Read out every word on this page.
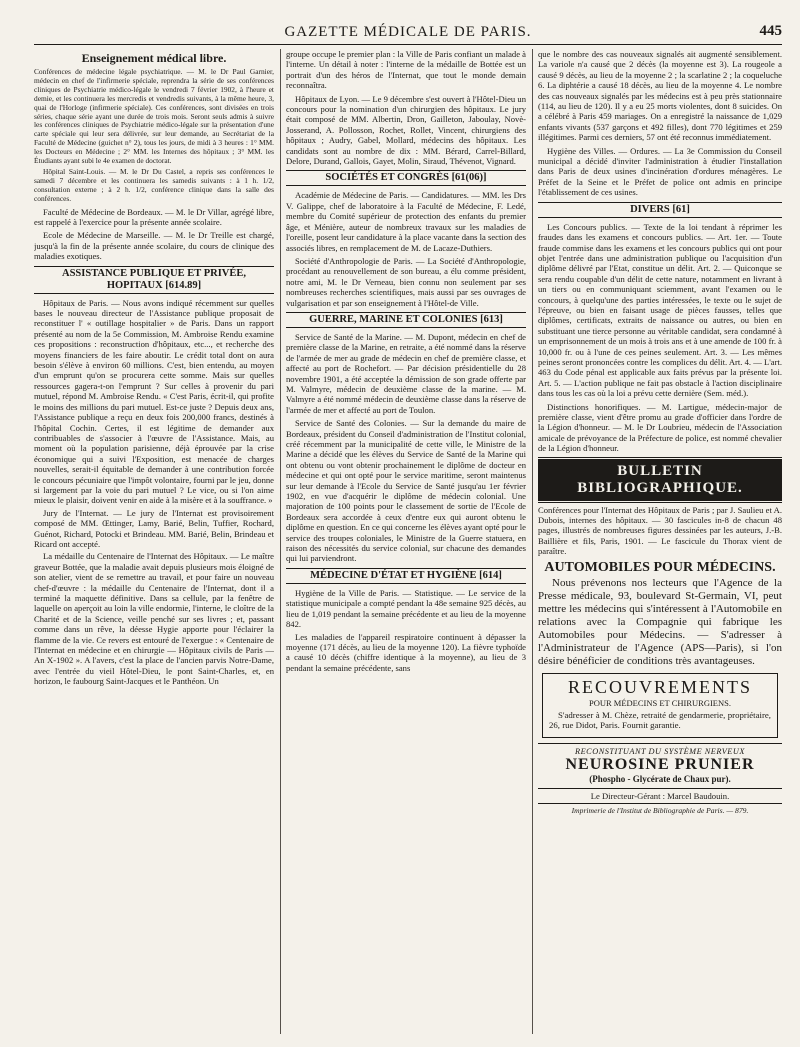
GAZETTE MÉDICALE DE PARIS.	445
Enseignement médical libre.

Conférences de médecine légale psychiatrique. — M. le Dr Paul Garnier, médecin en chef de l'infirmerie spéciale, reprendra la série de ses conférences cliniques de Psychiatrie médico-légale le vendredi 7 février 1902, à l'heure et demie, et les continuera les mercredis et vendredis suivants, à la même heure, 3, quai de l'Horloge (infirmerie spéciale). Ces conférences, sont divisées en trois séries, chaque série ayant une durée de trois mois. Seront seuls admis à suivre les conférences cliniques de Psychiatrie médico-légale sur la présentation d'une carte spéciale qui leur sera délivrée, sur leur demande, au Secrétariat de la Faculté de Médecine (guichet n° 2), tous les jours, de midi à 3 heures : 1° MM. les Docteurs en Médecine ; 2° MM. les Internes des hôpitaux ; 3° MM. les Étudiants ayant subi le 4e examen de doctorat.

Hôpital Saint-Louis. — M. le Dr Du Castel, a repris ses conférences le samedi 7 décembre et les continuera les samedis suivants : à 1 h. 1/2, consultation externe ; à 2 h. 1/2, conférence clinique dans la salle des conférences.

Faculté de Médecine de Bordeaux. — M. le Dr Villar, agrégé libre, est rappelé à l'exercice pour la présente année scolaire.

Ecole de Médecine de Marseille. — M. le Dr Treille est chargé, jusqu'à la fin de la présente année scolaire, du cours de clinique des maladies exotiques.

ASSISTANCE PUBLIQUE ET PRIVÉE,
HOPITAUX [614.89]

Hôpitaux de Paris. — Nous avons indiqué récemment sur quelles bases le nouveau directeur de l'Assistance publique proposait de reconstituer l' « outillage hospitalier » de Paris. Dans un rapport présenté au nom de la 5e Commission, M. Ambroise Rendu examine ces propositions : reconstruction d'hôpitaux, etc..., et recherche des moyens financiers de les faire aboutir. Le crédit total dont on aura besoin s'élève à environ 60 millions. C'est, bien entendu, au moyen d'un emprunt qu'on se procurera cette somme. Mais sur quelles ressources gagera-t-on l'emprunt ? Sur celles à provenir du pari mutuel, répond M. Ambroise Rendu. « C'est Paris, écrit-il, qui profite le moins des millions du pari mutuel. Est-ce juste ? Depuis deux ans, l'Assistance publique a reçu en deux fois 200,000 francs, destinés à l'hôpital Cochin. Certes, il est légitime de demander aux contribuables de s'associer à l'œuvre de l'Assistance. Mais, au moment où la population parisienne, déjà éprouvée par la crise économique qui a suivi l'Exposition, est menacée de charges nouvelles, serait-il équitable de demander à une contribution forcée le concours pécuniaire que l'impôt volontaire, fourni par le jeu, donne si largement par la voie du pari mutuel ? Le vice, ou si l'on aime mieux le plaisir, doivent venir en aide à la misère et à la souffrance. »

Jury de l'Internat. — Le jury de l'Internat est provisoirement composé de MM. Œttinger, Lamy, Barié, Belin, Tuffier, Rochard, Guénot, Richard, Potocki et Brindeau. MM. Barié, Belin, Brindeau et Ricard ont accepté.

La médaille du Centenaire de l'Internat des Hôpitaux. — Le maître graveur Bottée, que la maladie avait depuis plusieurs mois éloigné de son atelier, vient de se remettre au travail, et pour faire un nouveau chef-d'œuvre : la médaille du Centenaire de l'Internat, dont il a terminé la maquette définitive. Dans sa cellule, par la fenêtre de laquelle on aperçoit au loin la ville endormie, l'interne, le cloître de la Charité et de la Science, veille penché sur ses livres ; et, passant comme dans un rêve, la déesse Hygie apporte pour l'éclairer la flamme de la vie. Ce revers est entouré de l'exergue : « Centenaire de l'Internat en médecine et en chirurgie — Hôpitaux civils de Paris — An X-1902 ». A l'avers, c'est la place de l'ancien parvis Notre-Dame, avec l'entrée du vieil Hôtel-Dieu, le pont Saint-Charles, et, en horizon, le faubourg Saint-Jacques et le Panthéon. Un

groupe occupe le premier plan : la Ville de Paris confiant un malade à l'interne. Un détail à noter : l'interne de la médaille de Bottée est un portrait d'un des héros de l'Internat, que tout le monde demain reconnaîtra.

Hôpitaux de Lyon. — Le 9 décembre s'est ouvert à l'Hôtel-Dieu un concours pour la nomination d'un chirurgien des hôpitaux. Le jury était composé de MM. Albertin, Dron, Gailleton, Jaboulay, Novè-Josserand, A. Pollosson, Rochet, Rollet, Vincent, chirurgiens des hôpitaux ; Audry, Gabel, Mollard, médecins des hôpitaux. Les candidats sont au nombre de dix : MM. Bérard, Carrel-Billard, Delore, Durand, Gallois, Gayet, Molin, Siraud, Thévenot, Vignard.

SOCIÉTÉS ET CONGRÈS [61(06)]

Académie de Médecine de Paris. — Candidatures. — MM. les Drs V. Galippe, chef de laboratoire à la Faculté de Médecine, F. Ledé, membre du Comité supérieur de protection des enfants du premier âge, et Ménière, auteur de nombreux travaux sur les maladies de l'oreille, posent leur candidature à la place vacante dans la section des associés libres, en remplacement de M. de Lacaze-Duthiers.

Société d'Anthropologie de Paris. — La Société d'Anthropologie, procédant au renouvellement de son bureau, a élu comme président, notre ami, M. le Dr Verneau, bien connu non seulement par ses nombreuses recherches scientifiques, mais aussi par ses ouvrages de vulgarisation et par son enseignement à l'Hôtel-de Ville.

GUERRE, MARINE ET COLONIES [613]

Service de Santé de la Marine. — M. Dupont, médecin en chef de première classe de la Marine, en retraite, a été nommé dans la réserve de l'armée de mer au grade de médecin en chef de première classe, et affecté au port de Rochefort. — Par décision présidentielle du 28 novembre 1901, a été acceptée la démission de son grade offerte par M. Valmyre, médecin de deuxième classe de la marine. — M. Valmyre a été nommé médecin de deuxième classe dans la réserve de l'armée de mer et affecté au port de Toulon.

Service de Santé des Colonies. — Sur la demande du maire de Bordeaux, président du Conseil d'administration de l'Institut colonial, créé récemment par la municipalité de cette ville, le Ministre de la Marine a décidé que les élèves du Service de Santé de la Marine qui ont obtenu ou vont obtenir prochainement le diplôme de docteur en médecine et qui ont opté pour le service maritime, seront maintenus sur leur demande à l'Ecole du Service de Santé jusqu'au 1er février 1902, en vue d'acquérir le diplôme de médecin colonial. Une majoration de 100 points pour le classement de sortie de l'Ecole de Bordeaux sera accordée à ceux d'entre eux qui auront obtenu le diplôme en question. En ce qui concerne les élèves ayant opté pour le service des troupes coloniales, le Ministre de la Guerre statuera, en raison des nécessités du service colonial, sur chacune des demandes qui lui parviendront.

MÉDECINE D'ÉTAT ET HYGIÈNE [614]

Hygiène de la Ville de Paris. — Statistique. — Le service de la statistique municipale a compté pendant la 48e semaine 925 décès, au lieu de 1,019 pendant la semaine précédente et au lieu de la moyenne 842.

Les maladies de l'appareil respiratoire continuent à dépasser la moyenne (171 décès, au lieu de la moyenne 120). La fièvre typhoïde a causé 10 décès (chiffre identique à la moyenne), au lieu de 3 pendant la semaine précédente, sans

que le nombre des cas nouveaux signalés ait augmenté sensiblement. La variole n'a causé que 2 décès (la moyenne est 3). La rougeole a causé 9 décès, au lieu de la moyenne 2 ; la scarlatine 2 ; la coqueluche 6. La diphtérie a causé 18 décès, au lieu de la moyenne 4. Le nombre des cas nouveaux signalés par les médecins est à peu près stationnaire (114, au lieu de 120). Il y a eu 25 morts violentes, dont 8 suicides. On a célébré à Paris 459 mariages. On a enregistré la naissance de 1,029 enfants vivants (537 garçons et 492 filles), dont 770 légitimes et 259 illégitimes. Parmi ces derniers, 57 ont été reconnus immédiatement.

Hygiène des Villes. — Ordures. — La 3e Commission du Conseil municipal a décidé d'inviter l'administration à étudier l'installation dans Paris de deux usines d'incinération d'ordures ménagères. Le Préfet de la Seine et le Préfet de police ont admis en principe l'établissement de ces usines.

DIVERS [61]

Les Concours publics. — Texte de la loi tendant à réprimer les fraudes dans les examens et concours publics. — Art. 1er. — Toute fraude commise dans les examens et les concours publics qui ont pour objet l'entrée dans une administration publique ou l'acquisition d'un diplôme délivré par l'Etat, constitue un délit. Art. 2. — Quiconque se sera rendu coupable d'un délit de cette nature, notamment en livrant à un tiers ou en communiquant sciemment, avant l'examen ou le concours, à quelqu'une des parties intéressées, le texte ou le sujet de l'épreuve, ou bien en faisant usage de pièces fausses, telles que diplômes, certificats, extraits de naissance ou autres, ou bien en substituant une tierce personne au véritable candidat, sera condamné à un emprisonnement de un mois à trois ans et à une amende de 100 fr. à 10,000 fr. ou à l'une de ces peines seulement. Art. 3. — Les mêmes peines seront prononcées contre les complices du délit. Art. 4. — L'art. 463 du Code pénal est applicable aux faits prévus par la présente loi. Art. 5. — L'action publique ne fait pas obstacle à l'action disciplinaire dans tous les cas où la loi a prévu cette dernière (Sem. méd.).

Distinctions honorifiques. — M. Lartigue, médecin-major de première classe, vient d'être promu au grade d'officier dans l'ordre de la Légion d'honneur. — M. le Dr Loubrieu, médecin de l'Association amicale de prévoyance de la Préfecture de police, est nommé chevalier de la Légion d'honneur.

BULLETIN BIBLIOGRAPHIQUE.

Conférences pour l'Internat des Hôpitaux de Paris ; par J. Saulieu et A. Dubois, internes des hôpitaux. — 30 fascicules in-8 de chacun 48 pages, illustrés de nombreuses figures dessinées par les auteurs, J.-B. Baillière et fils, Paris, 1901. — Le fascicule du Thorax vient de paraître.

AUTOMOBILES POUR MÉDECINS.

Nous prévenons nos lecteurs que l'Agence de la Presse médicale, 93, boulevard St-Germain, VI, peut mettre les médecins qui s'intéressent à l'Automobile en relations avec la Compagnie qui fabrique les Automobiles pour Médecins. — S'adresser à l'Administrateur de l'Agence (APS—Paris), si l'on désire bénéficier de conditions très avantageuses.

RECOUVREMENTS
POUR MÉDECINS ET CHIRURGIENS.

S'adresser à M. Chèze, retraité de gendarmerie, propriétaire, 26, rue Didot, Paris. Fournit garantie.

RECONSTITUANT DU SYSTÈME NERVEUX
NEUROSINE PRUNIER
(Phospho - Glycérate de Chaux pur).
Le Directeur-Gérant : Marcel Baudouin.
Imprimerie de l'Institut de Bibliographie de Paris. — 879.
